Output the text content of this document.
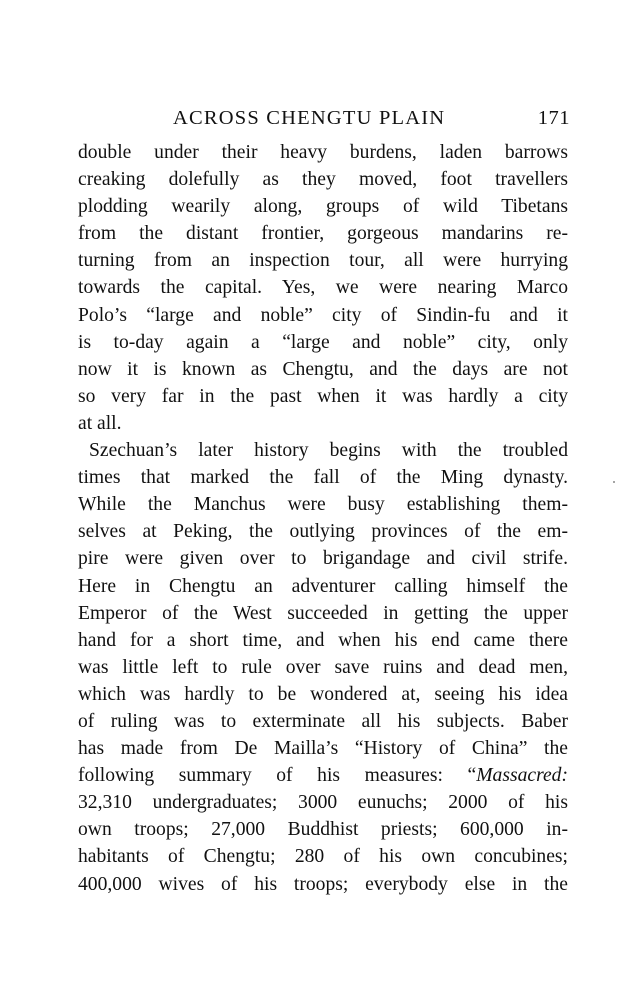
ACROSS CHENGTU PLAIN	171
double under their heavy burdens, laden barrows
creaking dolefully as they moved, foot travellers
plodding wearily along, groups of wild Tibetans
from the distant frontier, gorgeous mandarins re-
turning from an inspection tour, all were hurrying
towards the capital. Yes, we were nearing Marco
Polo’s “large and noble” city of Sindin-fu and it
is to-day again a “large and noble” city, only
now it is known as Chengtu, and the days are not
so very far in the past when it was hardly a city
at all.
Szechuan’s later history begins with the troubled
times that marked the fall of the Ming dynasty.
While the Manchus were busy establishing them-
selves at Peking, the outlying provinces of the em-
pire were given over to brigandage and civil strife.
Here in Chengtu an adventurer calling himself the
Emperor of the West succeeded in getting the upper
hand for a short time, and when his end came there
was little left to rule over save ruins and dead men,
which was hardly to be wondered at, seeing his idea
of ruling was to exterminate all his subjects. Baber
has made from De Mailla’s “History of China” the
following summary of his measures: “Massacred:
32,310 undergraduates; 3000 eunuchs; 2000 of his
own troops; 27,000 Buddhist priests; 600,000 in-
habitants of Chengtu; 280 of his own concubines;
400,000 wives of his troops; everybody else in the
